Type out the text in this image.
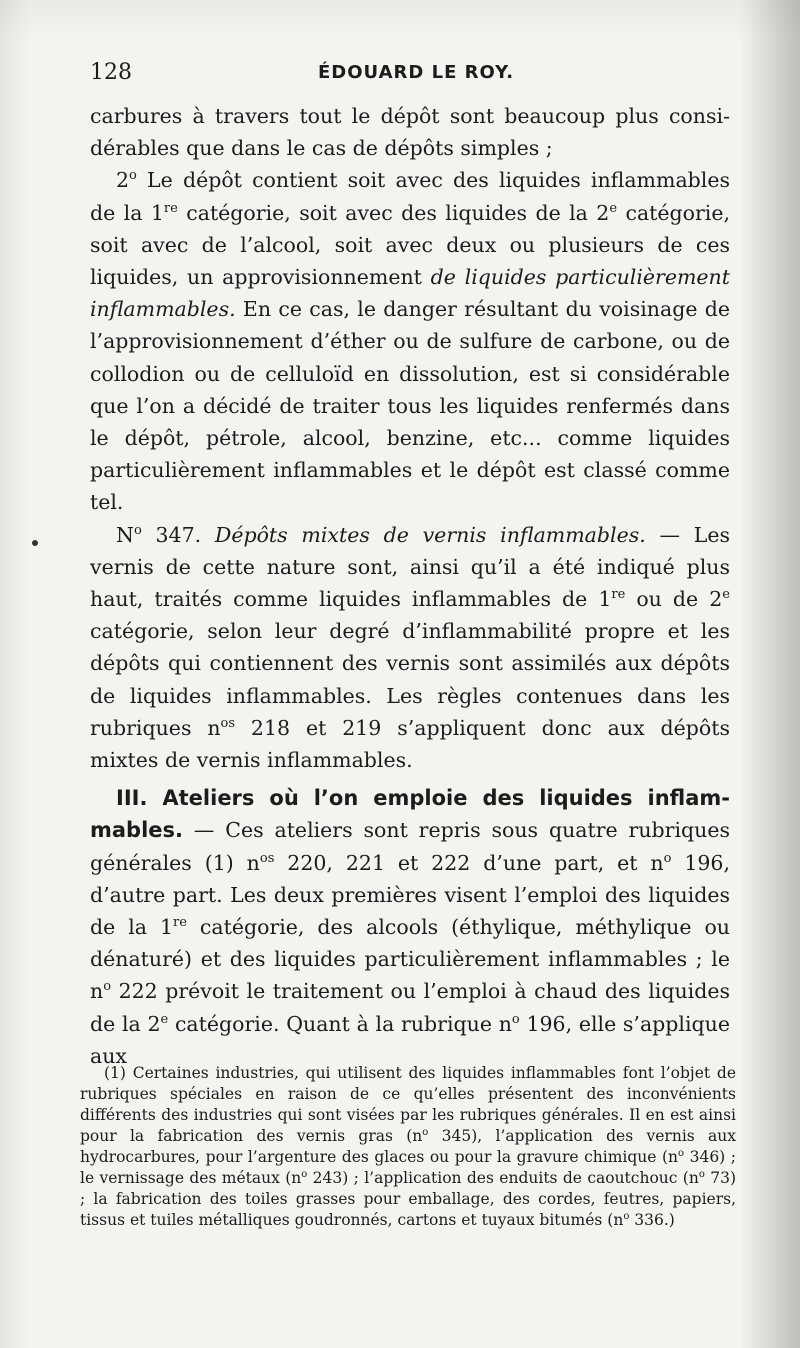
128	ÉDOUARD LE ROY.

carbures à travers tout le dépôt sont beaucoup plus considérables que dans le cas de dépôts simples ;

2$^o$ Le dépôt contient soit avec des liquides inflammables de la 1re catégorie, soit avec des liquides de la 2e catégorie, soit avec de l’alcool, soit avec deux ou plusieurs de ces liquides, un approvisionnement de liquides particulièrement inflammables. En ce cas, le danger résultant du voisinage de l’approvisionnement d’éther ou de sulfure de carbone, ou de collodion ou de celluloïd en dissolution, est si considérable que l’on a décidé de traiter tous les liquides renfermés dans le dépôt, pétrole, alcool, benzine, etc... comme liquides particulièrement inflammables et le dépôt est classé comme tel.

$N^o$ 347. Dépôts mixtes de vernis inflammables. — Les vernis de cette nature sont, ainsi qu’il a été indiqué plus haut, traités comme liquides inflammables de 1re ou de 2e catégorie, selon leur degré d’inflammabilité propre et les dépôts qui contiennent des vernis sont assimilés aux dépôts de liquides inflammables. Les règles contenues dans les rubriques $n^{os}$ 218 et 219 s’appliquent donc aux dépôts mixtes de vernis inflammables.

III. Ateliers où l’on emploie des liquides inflammables. — Ces ateliers sont repris sous quatre rubriques générales (1) $n^{os}$ 220, 221 et 222 d’une part, et $n^o$ 196, d’autre part. Les deux premières visent l’emploi des liquides de la 1re catégorie, des alcools (éthylique, méthylique ou dénaturé) et des liquides particulièrement inflammables ; le $n^o$ 222 prévoit le traitement ou l’emploi à chaud des liquides de la 2e catégorie. Quant à la rubrique $n^o$ 196, elle s’applique aux

(1) Certaines industries, qui utilisent des liquides inflammables font l’objet de rubriques spéciales en raison de ce qu’elles présentent des inconvénients différents des industries qui sont visées par les rubriques générales. Il en est ainsi pour la fabrication des vernis gras ($n^o$ 345), l’application des vernis aux hydrocarbures, pour l’argenture des glaces ou pour la gravure chimique ($n^o$ 346) ; le vernissage des métaux ($n^o$ 243) ; l’application des enduits de caoutchouc ($n^o$ 73) ; la fabrication des toiles grasses pour emballage, des cordes, feutres, papiers, tissus et tuiles métalliques goudronnés, cartons et tuyaux bitumés ($n^o$ 336.)
